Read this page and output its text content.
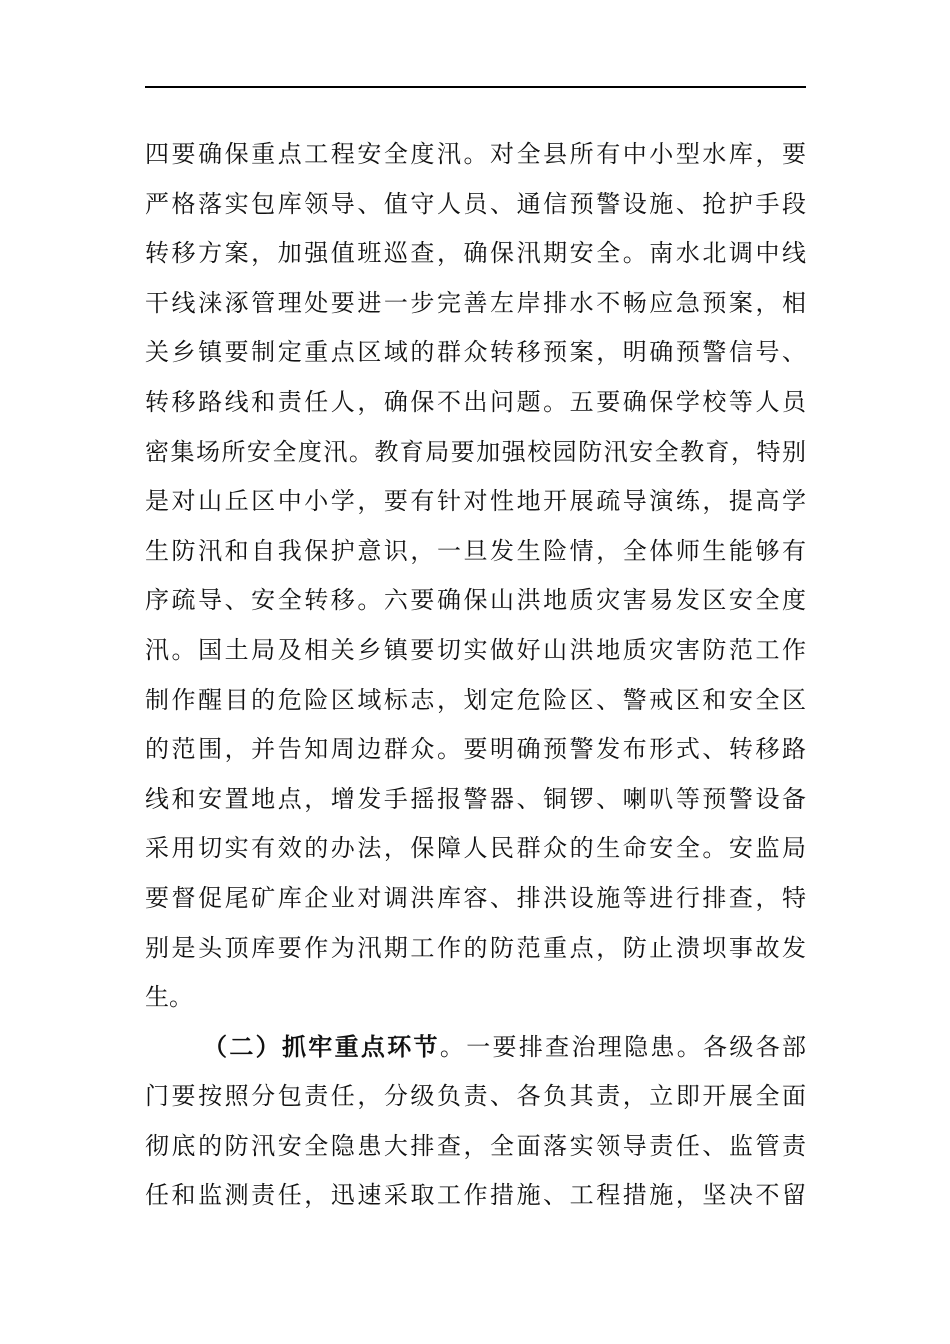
四要确保重点工程安全度汛。对全县所有中小型水库，要
严格落实包库领导、值守人员、通信预警设施、抢护手段
转移方案，加强值班巡查，确保汛期安全。南水北调中线
干线涞涿管理处要进一步完善左岸排水不畅应急预案，相
关乡镇要制定重点区域的群众转移预案，明确预警信号、
转移路线和责任人，确保不出问题。五要确保学校等人员
密集场所安全度汛。教育局要加强校园防汛安全教育，特别
是对山丘区中小学，要有针对性地开展疏导演练，提高学
生防汛和自我保护意识，一旦发生险情，全体师生能够有
序疏导、安全转移。六要确保山洪地质灾害易发区安全度
汛。国土局及相关乡镇要切实做好山洪地质灾害防范工作
制作醒目的危险区域标志，划定危险区、警戒区和安全区
的范围，并告知周边群众。要明确预警发布形式、转移路
线和安置地点，增发手摇报警器、铜锣、喇叭等预警设备
采用切实有效的办法，保障人民群众的生命安全。安监局
要督促尾矿库企业对调洪库容、排洪设施等进行排查，特
别是头顶库要作为汛期工作的防范重点，防止溃坝事故发
生。
（二）抓牢重点环节。一要排查治理隐患。各级各部
门要按照分包责任，分级负责、各负其责，立即开展全面
彻底的防汛安全隐患大排查，全面落实领导责任、监管责
任和监测责任，迅速采取工作措施、工程措施，坚决不留
